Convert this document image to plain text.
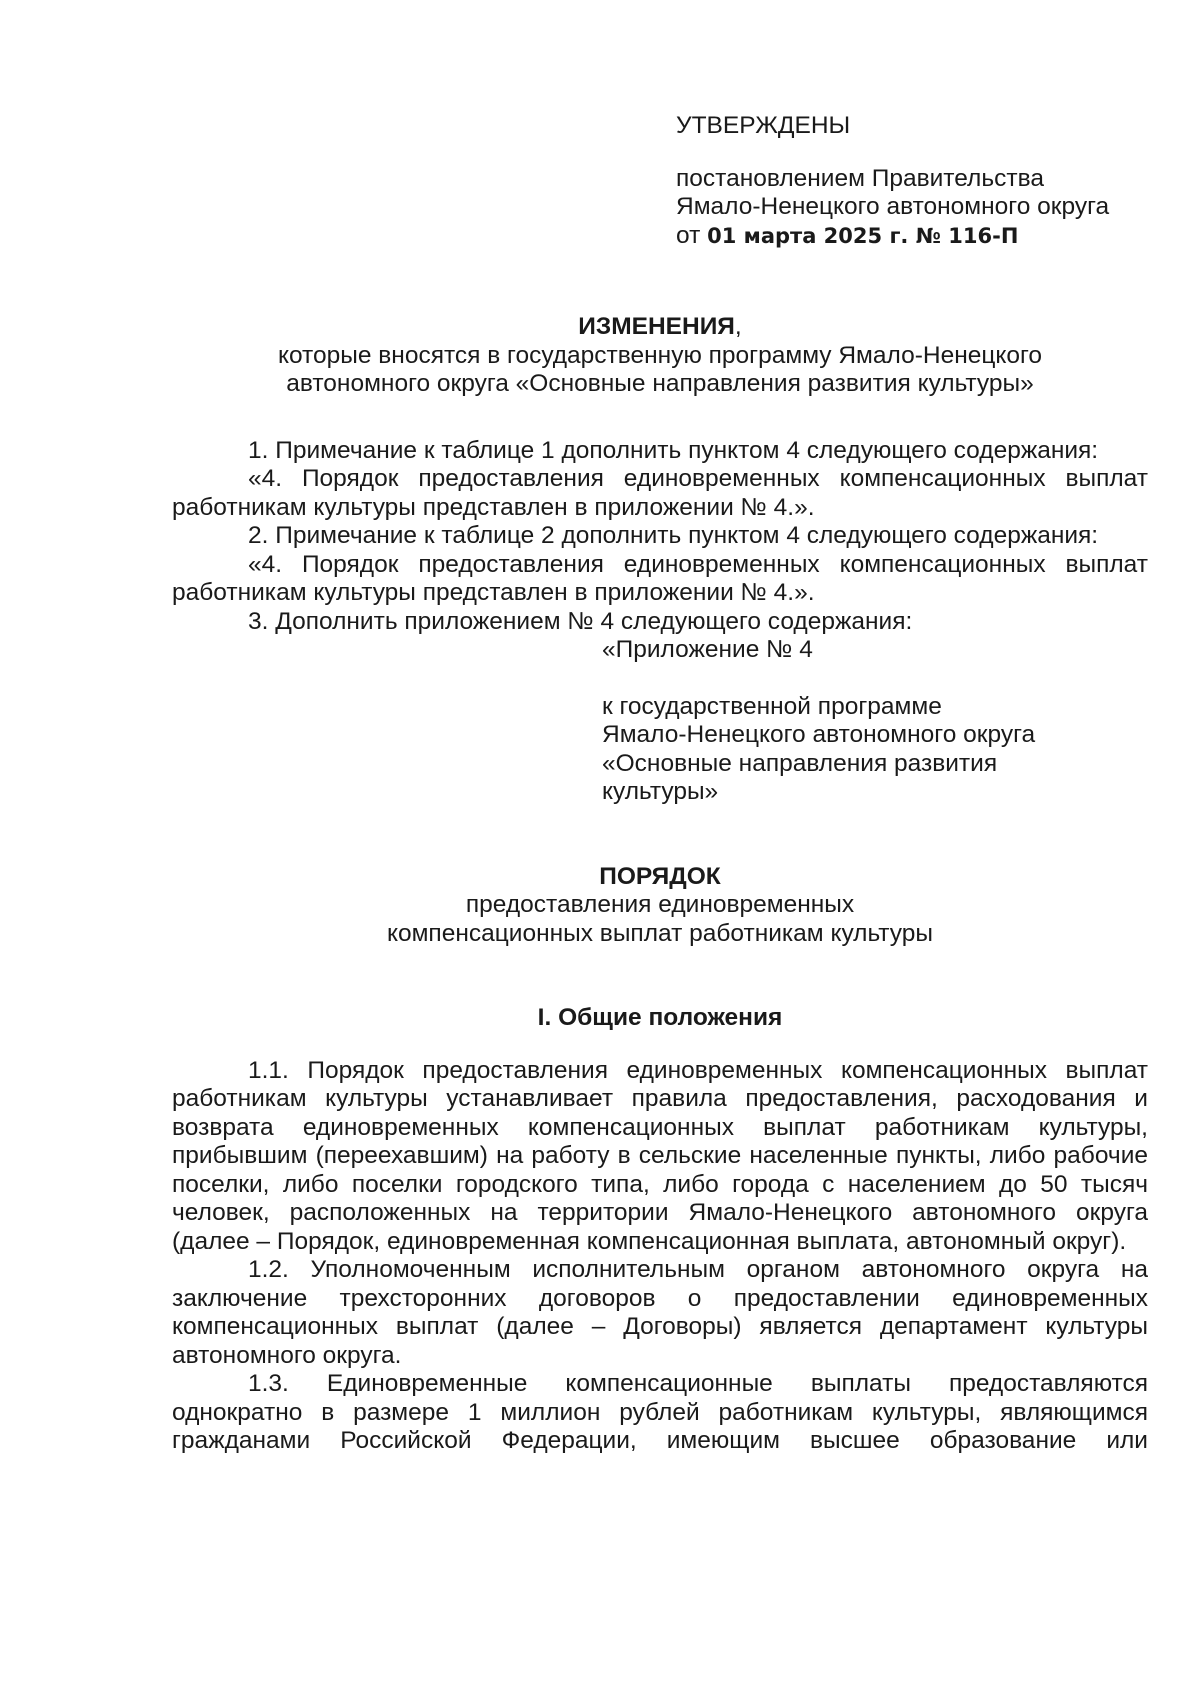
УТВЕРЖДЕНЫ

постановлением Правительства

Ямало-Ненецкого автономного округа

от 01 марта 2025 г. № 116-П

ИЗМЕНЕНИЯ,

которые вносятся в государственную программу Ямало-Ненецкого

автономного округа «Основные направления развития культуры»

1. Примечание к таблице 1 дополнить пунктом 4 следующего содержания:

«4. Порядок предоставления единовременных компенсационных выплат работникам культуры представлен в приложении № 4.».

2. Примечание к таблице 2 дополнить пунктом 4 следующего содержания:

«4. Порядок предоставления единовременных компенсационных выплат работникам культуры представлен в приложении № 4.».

3. Дополнить приложением № 4 следующего содержания:

«Приложение № 4

к государственной программе

Ямало-Ненецкого автономного округа

«Основные направления развития

культуры»

ПОРЯДОК

предоставления единовременных

компенсационных выплат работникам культуры

I. Общие положения

1.1. Порядок предоставления единовременных компенсационных выплат работникам культуры устанавливает правила предоставления, расходования и возврата единовременных компенсационных выплат работникам культуры, прибывшим (переехавшим) на работу в сельские населенные пункты, либо рабочие поселки, либо поселки городского типа, либо города с населением до 50 тысяч человек, расположенных на территории Ямало-Ненецкого автономного округа (далее – Порядок, единовременная компенсационная выплата, автономный округ).

1.2. Уполномоченным исполнительным органом автономного округа на заключение трехсторонних договоров о предоставлении единовременных компенсационных выплат (далее – Договоры) является департамент культуры автономного округа.

1.3. Единовременные компенсационные выплаты предоставляются однократно в размере 1 миллион рублей работникам культуры, являющимся гражданами Российской Федерации, имеющим высшее образование или
